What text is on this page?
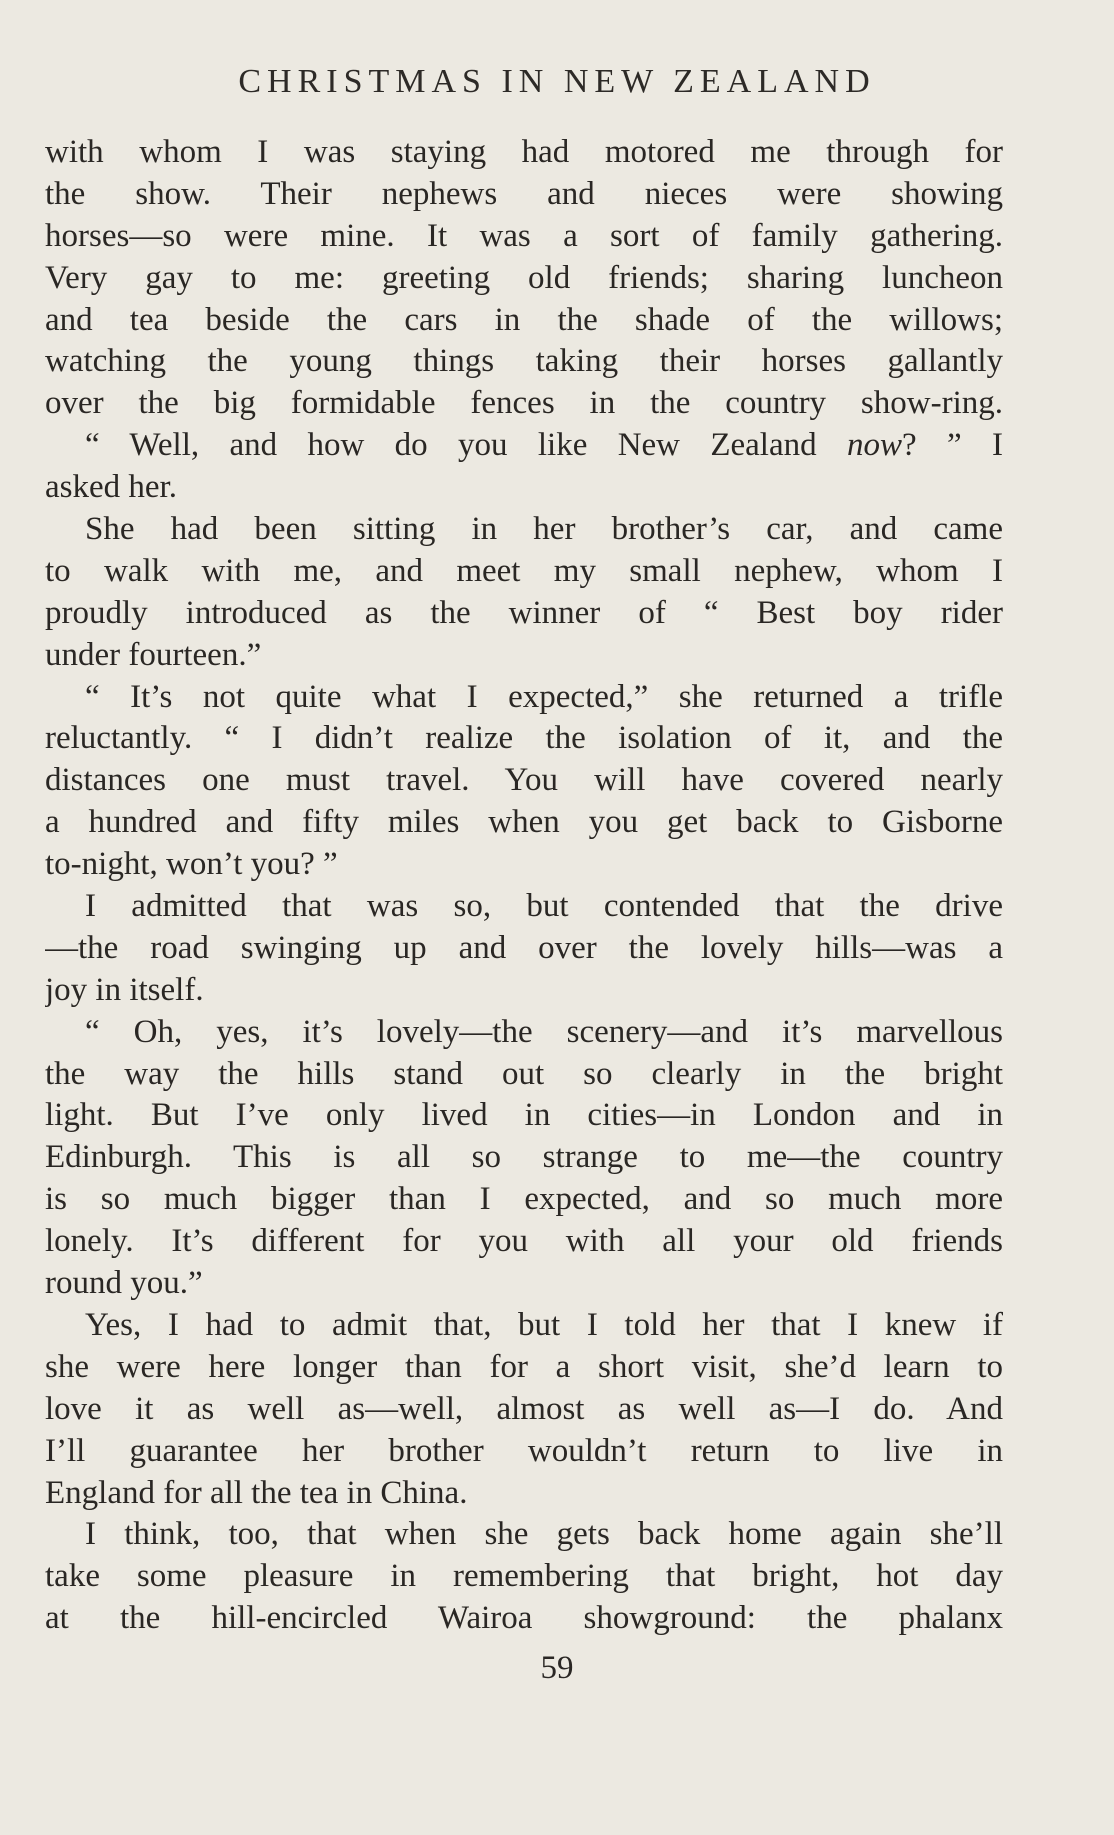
CHRISTMAS IN NEW ZEALAND
with whom I was staying had motored me through for
the show. Their nephews and nieces were showing
horses—so were mine. It was a sort of family gathering.
Very gay to me: greeting old friends; sharing luncheon
and tea beside the cars in the shade of the willows;
watching the young things taking their horses gallantly
over the big formidable fences in the country show-ring.
“ Well, and how do you like New Zealand now? ” I
asked her.
She had been sitting in her brother’s car, and came
to walk with me, and meet my small nephew, whom I
proudly introduced as the winner of “ Best boy rider
under fourteen.”
“ It’s not quite what I expected,” she returned a trifle
reluctantly. “ I didn’t realize the isolation of it, and the
distances one must travel. You will have covered nearly
a hundred and fifty miles when you get back to Gisborne
to-night, won’t you? ”
I admitted that was so, but contended that the drive
—the road swinging up and over the lovely hills—was a
joy in itself.
“ Oh, yes, it’s lovely—the scenery—and it’s marvellous
the way the hills stand out so clearly in the bright
light. But I’ve only lived in cities—in London and in
Edinburgh. This is all so strange to me—the country
is so much bigger than I expected, and so much more
lonely. It’s different for you with all your old friends
round you.”
Yes, I had to admit that, but I told her that I knew if
she were here longer than for a short visit, she’d learn to
love it as well as—well, almost as well as—I do. And
I’ll guarantee her brother wouldn’t return to live in
England for all the tea in China.
I think, too, that when she gets back home again she’ll
take some pleasure in remembering that bright, hot day
at the hill-encircled Wairoa showground: the phalanx
59
